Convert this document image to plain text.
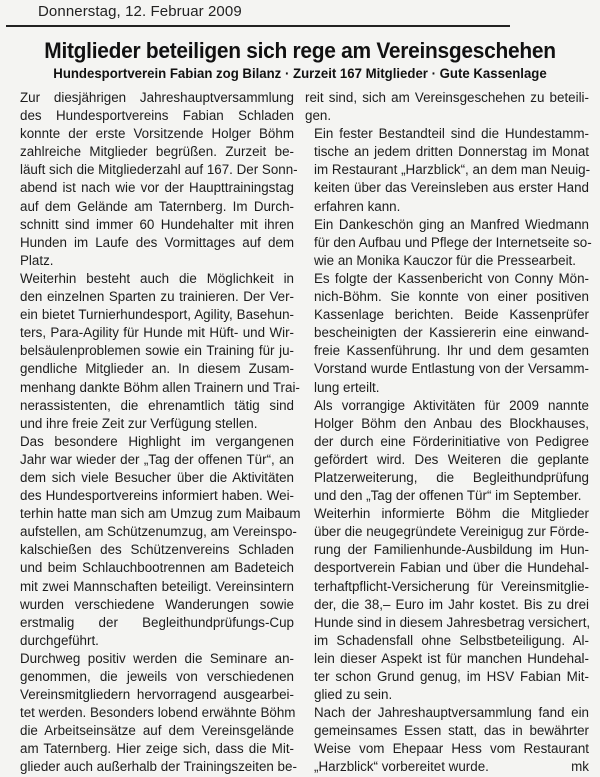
Donnerstag, 12. Februar 2009
Mitglieder beteiligen sich rege am Vereinsgeschehen
Hundesportverein Fabian zog Bilanz · Zurzeit 167 Mitglieder · Gute Kassenlage

Zur diesjährigen Jahreshauptversammlung
des Hundesportvereins Fabian Schladen
konnte der erste Vorsitzende Holger Böhm
zahlreiche Mitglieder begrüßen. Zurzeit be-
läuft sich die Mitgliederzahl auf 167. Der Sonn-
abend ist nach wie vor der Haupttrainingstag
auf dem Gelände am Taternberg. Im Durch-
schnitt sind immer 60 Hundehalter mit ihren
Hunden im Laufe des Vormittages auf dem
Platz.

Weiterhin besteht auch die Möglichkeit in
den einzelnen Sparten zu trainieren. Der Ver-
ein bietet Turnierhundesport, Agility, Basehun-
ters, Para-Agility für Hunde mit Hüft- und Wir-
belsäulenproblemen sowie ein Training für ju-
gendliche Mitglieder an. In diesem Zusam-
menhang dankte Böhm allen Trainern und Trai-
nerassistenten, die ehrenamtlich tätig sind
und ihre freie Zeit zur Verfügung stellen.

Das besondere Highlight im vergangenen
Jahr war wieder der „Tag der offenen Tür“, an
dem sich viele Besucher über die Aktivitäten
des Hundesportvereins informiert haben. Wei-
terhin hatte man sich am Umzug zum Maibaum
aufstellen, am Schützenumzug, am Vereinspo-
kalschießen des Schützenvereins Schladen
und beim Schlauchbootrennen am Badeteich
mit zwei Mannschaften beteiligt. Vereinsintern
wurden verschiedene Wanderungen sowie
erstmalig der Begleithundprüfungs-Cup
durchgeführt.

Durchweg positiv werden die Seminare an-
genommen, die jeweils von verschiedenen
Vereinsmitgliedern hervorragend ausgearbei-
tet werden. Besonders lobend erwähnte Böhm
die Arbeitseinsätze auf dem Vereinsgelände
am Taternberg. Hier zeige sich, dass die Mit-
glieder auch außerhalb der Trainingszeiten be-

reit sind, sich am Vereinsgeschehen zu beteili-
gen.

Ein fester Bestandteil sind die Hundestamm-
tische an jedem dritten Donnerstag im Monat
im Restaurant „Harzblick“, an dem man Neuig-
keiten über das Vereinsleben aus erster Hand
erfahren kann.

Ein Dankeschön ging an Manfred Wiedmann
für den Aufbau und Pflege der Internetseite so-
wie an Monika Kauczor für die Pressearbeit.

Es folgte der Kassenbericht von Conny Mön-
nich-Böhm. Sie konnte von einer positiven
Kassenlage berichten. Beide Kassenprüfer
bescheinigten der Kassiererin eine einwand-
freie Kassenführung. Ihr und dem gesamten
Vorstand wurde Entlastung von der Versamm-
lung erteilt.

Als vorrangige Aktivitäten für 2009 nannte
Holger Böhm den Anbau des Blockhauses,
der durch eine Förderinitiative von Pedigree
gefördert wird. Des Weiteren die geplante
Platzerweiterung, die Begleithundprüfung
und den „Tag der offenen Tür“ im September.

Weiterhin informierte Böhm die Mitglieder
über die neugegründete Vereinigug zur Förde-
rung der Familienhunde-Ausbildung im Hun-
desportverein Fabian und über die Hundehal-
terhaftpflicht-Versicherung für Vereinsmitglie-
der, die 38,– Euro im Jahr kostet. Bis zu drei
Hunde sind in diesem Jahresbetrag versichert,
im Schadensfall ohne Selbstbeteiligung. Al-
lein dieser Aspekt ist für manchen Hundehal-
ter schon Grund genug, im HSV Fabian Mit-
glied zu sein.

Nach der Jahreshauptversammlung fand ein
gemeinsames Essen statt, das in bewährter
Weise vom Ehepaar Hess vom Restaurant
„Harzblick“ vorbereitet wurde.	mk
